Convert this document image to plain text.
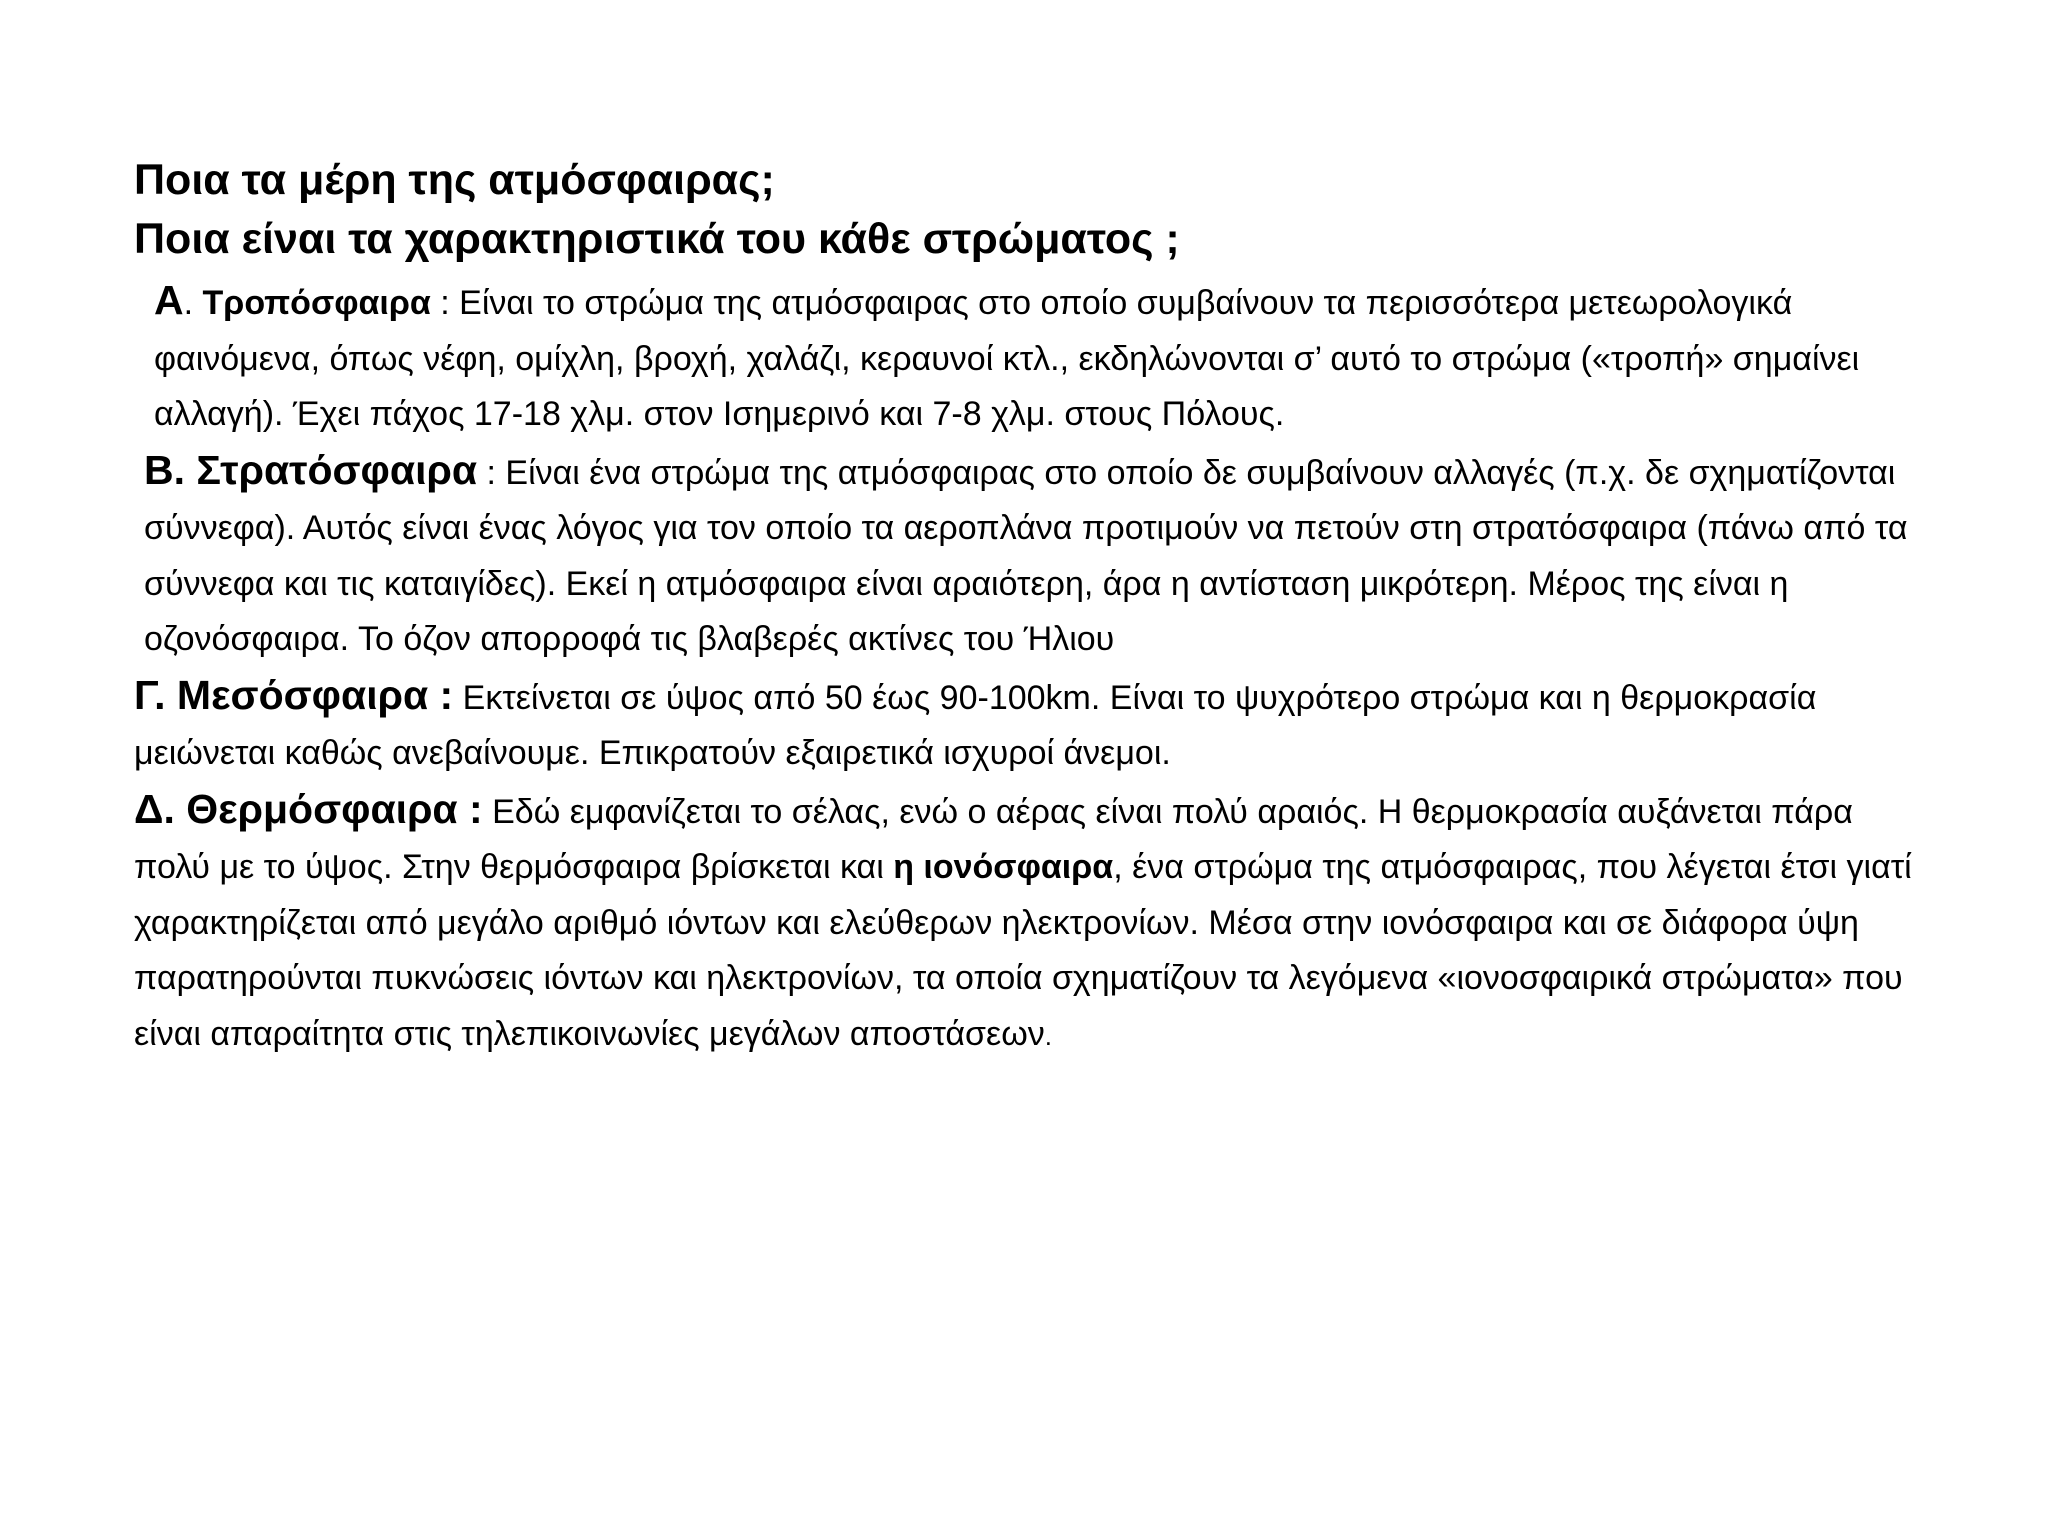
Ποια τα μέρη της ατμόσφαιρας;

Ποια είναι τα χαρακτηριστικά του κάθε στρώματος ;

Α. Τροπόσφαιρα : Είναι το στρώμα της ατμόσφαιρας στο οποίο συμβαίνουν τα περισσότερα μετεωρολογικά φαινόμενα, όπως νέφη, ομίχλη, βροχή, χαλάζι, κεραυνοί κτλ., εκδηλώνονται σ’ αυτό το στρώμα («τροπή» σημαίνει αλλαγή). Έχει πάχος 17-18 χλμ. στον Ισημερινό και 7-8 χλμ. στους Πόλους.

Β. Στρατόσφαιρα : Είναι ένα στρώμα της ατμόσφαιρας στο οποίο δε συμβαίνουν αλλαγές (π.χ. δε σχηματίζονται σύννεφα). Αυτός είναι ένας λόγος για τον οποίο τα αεροπλάνα προτιμούν να πετούν στη στρατόσφαιρα (πάνω από τα σύννεφα και τις καταιγίδες). Εκεί η ατμόσφαιρα είναι αραιότερη, άρα η αντίσταση μικρότερη. Μέρος της είναι η οζονόσφαιρα. Το όζον απορροφά τις βλαβερές ακτίνες του Ήλιου

Γ. Μεσόσφαιρα : Εκτείνεται σε ύψος από 50 έως 90-100km. Είναι το ψυχρότερο στρώμα και η θερμοκρασία μειώνεται καθώς ανεβαίνουμε. Επικρατούν εξαιρετικά ισχυροί άνεμοι.

Δ. Θερμόσφαιρα : Εδώ εμφανίζεται το σέλας, ενώ ο αέρας είναι πολύ αραιός. Η θερμοκρασία αυξάνεται πάρα πολύ με το ύψος. Στην θερμόσφαιρα βρίσκεται και η ιονόσφαιρα, ένα στρώμα της ατμόσφαιρας, που λέγεται έτσι γιατί χαρακτηρίζεται από μεγάλο αριθμό ιόντων και ελεύθερων ηλεκτρονίων. Μέσα στην ιονόσφαιρα και σε διάφορα ύψη παρατηρούνται πυκνώσεις ιόντων και ηλεκτρονίων, τα οποία σχηματίζουν τα λεγόμενα «ιονοσφαιρικά στρώματα» που είναι απαραίτητα στις τηλεπικοινωνίες μεγάλων αποστάσεων.
